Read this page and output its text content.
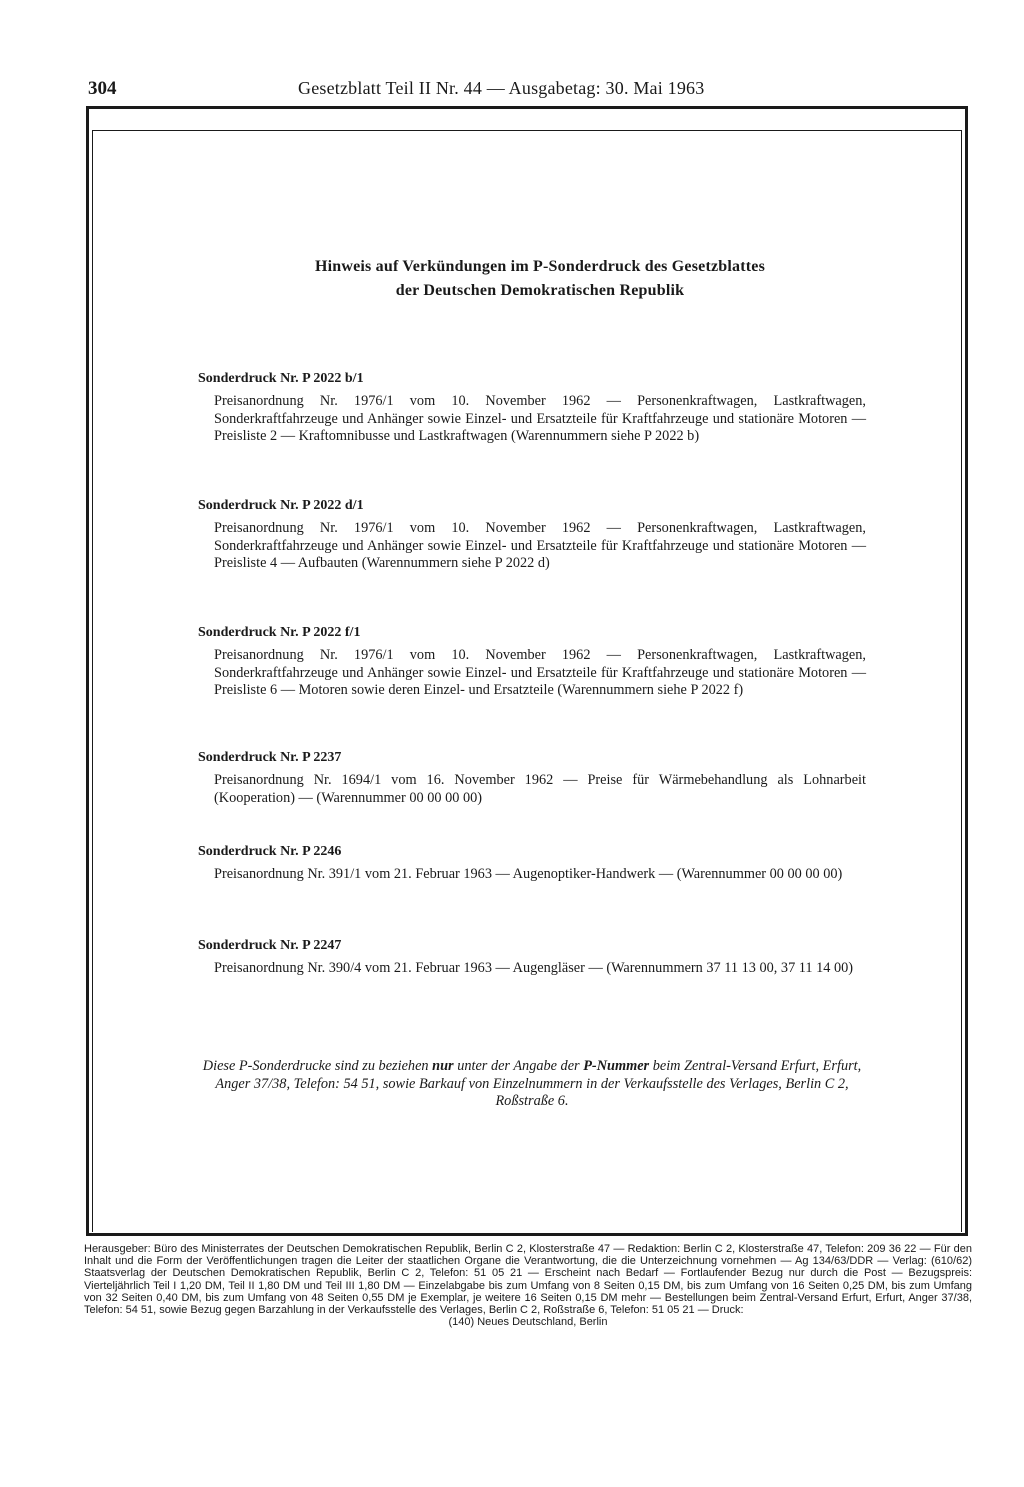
304	Gesetzblatt Teil II Nr. 44 — Ausgabetag: 30. Mai 1963
Hinweis auf Verkündungen im P-Sonderdruck des Gesetzblattes
der Deutschen Demokratischen Republik
Sonderdruck Nr. P 2022 b/1
Preisanordnung Nr. 1976/1 vom 10. November 1962 — Personenkraftwagen, Lastkraftwagen, Sonderkraftfahrzeuge und Anhänger sowie Einzel- und Ersatzteile für Kraftfahrzeuge und stationäre Motoren — Preisliste 2 — Kraftomnibusse und Lastkraftwagen (Warennummern siehe P 2022 b)
Sonderdruck Nr. P 2022 d/1
Preisanordnung Nr. 1976/1 vom 10. November 1962 — Personenkraftwagen, Lastkraftwagen, Sonderkraftfahrzeuge und Anhänger sowie Einzel- und Ersatzteile für Kraftfahrzeuge und stationäre Motoren — Preisliste 4 — Aufbauten (Warennummern siehe P 2022 d)
Sonderdruck Nr. P 2022 f/1
Preisanordnung Nr. 1976/1 vom 10. November 1962 — Personenkraftwagen, Lastkraftwagen, Sonderkraftfahrzeuge und Anhänger sowie Einzel- und Ersatzteile für Kraftfahrzeuge und stationäre Motoren — Preisliste 6 — Motoren sowie deren Einzel- und Ersatzteile (Warennummern siehe P 2022 f)
Sonderdruck Nr. P 2237
Preisanordnung Nr. 1694/1 vom 16. November 1962 — Preise für Wärmebehandlung als Lohnarbeit (Kooperation) — (Warennummer 00 00 00 00)
Sonderdruck Nr. P 2246
Preisanordnung Nr. 391/1 vom 21. Februar 1963 — Augenoptiker-Handwerk — (Warennummer 00 00 00 00)
Sonderdruck Nr. P 2247
Preisanordnung Nr. 390/4 vom 21. Februar 1963 — Augengläser — (Warennummern 37 11 13 00, 37 11 14 00)
Diese P-Sonderdrucke sind zu beziehen nur unter der Angabe der P-Nummer beim Zentral-Versand Erfurt, Erfurt, Anger 37/38, Telefon: 54 51, sowie Barkauf von Einzelnummern in der Verkaufsstelle des Verlages, Berlin C 2, Roßstraße 6.
Herausgeber: Büro des Ministerrates der Deutschen Demokratischen Republik, Berlin C 2, Klosterstraße 47 — Redaktion: Berlin C 2, Klosterstraße 47, Telefon: 209 36 22 — Für den Inhalt und die Form der Veröffentlichungen tragen die Leiter der staatlichen Organe die Verantwortung, die die Unterzeichnung vornehmen — Ag 134/63/DDR — Verlag: (610/62) Staatsverlag der Deutschen Demokratischen Republik, Berlin C 2, Telefon: 51 05 21 — Erscheint nach Bedarf — Fortlaufender Bezug nur durch die Post — Bezugspreis: Vierteljährlich Teil I 1,20 DM, Teil II 1,80 DM und Teil III 1,80 DM — Einzelabgabe bis zum Umfang von 8 Seiten 0,15 DM, bis zum Umfang von 16 Seiten 0,25 DM, bis zum Umfang von 32 Seiten 0,40 DM, bis zum Umfang von 48 Seiten 0,55 DM je Exemplar, je weitere 16 Seiten 0,15 DM mehr — Bestellungen beim Zentral-Versand Erfurt, Erfurt, Anger 37/38, Telefon: 54 51, sowie Bezug gegen Barzahlung in der Verkaufsstelle des Verlages, Berlin C 2, Roßstraße 6, Telefon: 51 05 21 — Druck:
(140) Neues Deutschland, Berlin
